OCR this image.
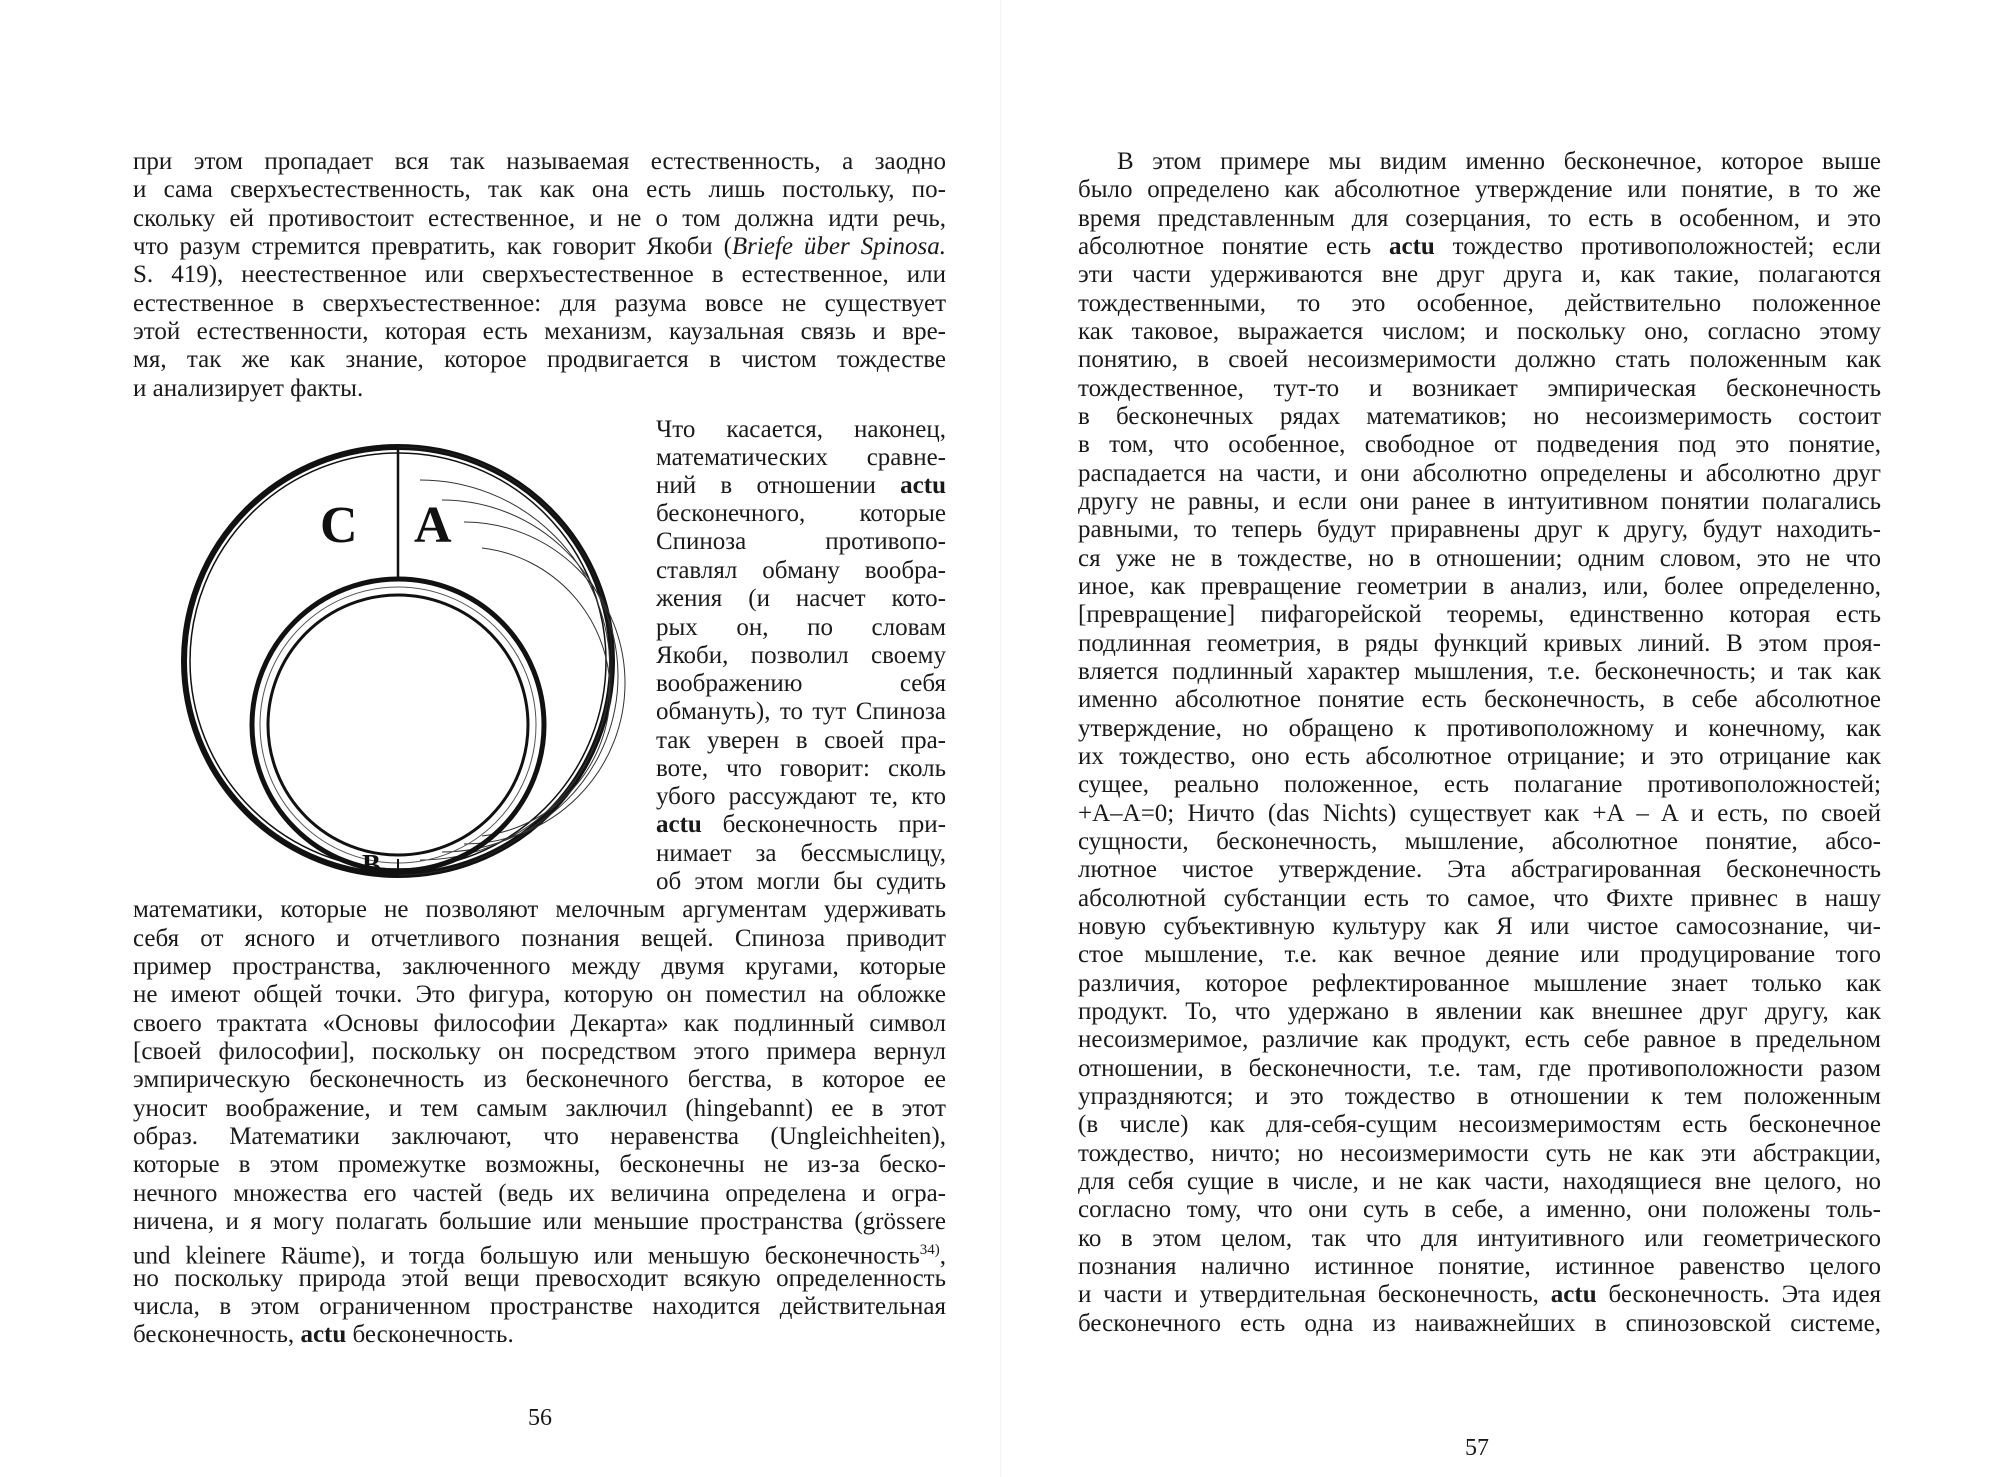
при этом пропадает вся так называемая естественность, а заодно
и сама сверхъестественность, так как она есть лишь постольку, по-
скольку ей противостоит естественное, и не о том должна идти речь,
что разум стремится превратить, как говорит Якоби (Briefe über Spinosa.
S. 419), неестественное или сверхъестественное в естественное, или
естественное в сверхъестественное: для разума вовсе не существует
этой естественности, которая есть механизм, каузальная связь и вре-
мя, так же как знание, которое продвигается в чистом тождестве
и анализирует факты.
C A
B
Что касается, наконец,
математических сравне-
ний в отношении actu
бесконечного, которые
Спиноза противопо-
ставлял обману вообра-
жения (и насчет кото-
рых он, по словам
Якоби, позволил своему
воображению себя
обмануть), то тут Спиноза
так уверен в своей пра-
воте, что говорит: сколь
убого рассуждают те, кто
actu бесконечность при-
нимает за бессмыслицу,
об этом могли бы судить
математики, которые не позволяют мелочным аргументам удерживать
себя от ясного и отчетливого познания вещей. Спиноза приводит
пример пространства, заключенного между двумя кругами, которые
не имеют общей точки. Это фигура, которую он поместил на обложке
своего трактата «Основы философии Декарта» как подлинный символ
[своей философии], поскольку он посредством этого примера вернул
эмпирическую бесконечность из бесконечного бегства, в которое ее
уносит воображение, и тем самым заключил (hingebannt) ее в этот
образ. Математики заключают, что неравенства (Ungleichheiten),
которые в этом промежутке возможны, бесконечны не из-за беско-
нечного множества его частей (ведь их величина определена и огра-
ничена, и я могу полагать большие или меньшие пространства (grössere
und kleinere Räume), и тогда большую или меньшую бесконечность$^{34)}$,
но поскольку природа этой вещи превосходит всякую определенность
числа, в этом ограниченном пространстве находится действительная
бесконечность, actu бесконечность.
56
В этом примере мы видим именно бесконечное, которое выше
было определено как абсолютное утверждение или понятие, в то же
время представленным для созерцания, то есть в особенном, и это
абсолютное понятие есть actu тождество противоположностей; если
эти части удерживаются вне друг друга и, как такие, полагаются
тождественными, то это особенное, действительно положенное
как таковое, выражается числом; и поскольку оно, согласно этому
понятию, в своей несоизмеримости должно стать положенным как
тождественное, тут-то и возникает эмпирическая бесконечность
в бесконечных рядах математиков; но несоизмеримость состоит
в том, что особенное, свободное от подведения под это понятие,
распадается на части, и они абсолютно определены и абсолютно друг
другу не равны, и если они ранее в интуитивном понятии полагались
равными, то теперь будут приравнены друг к другу, будут находить-
ся уже не в тождестве, но в отношении; одним словом, это не что
иное, как превращение геометрии в анализ, или, более определенно,
[превращение] пифагорейской теоремы, единственно которая есть
подлинная геометрия, в ряды функций кривых линий. В этом проя-
вляется подлинный характер мышления, т.е. бесконечность; и так как
именно абсолютное понятие есть бесконечность, в себе абсолютное
утверждение, но обращено к противоположному и конечному, как
их тождество, оно есть абсолютное отрицание; и это отрицание как
сущее, реально положенное, есть полагание противоположностей;
+A–A=0; Ничто (das Nichts) существует как +A – A и есть, по своей
сущности, бесконечность, мышление, абсолютное понятие, абсо-
лютное чистое утверждение. Эта абстрагированная бесконечность
абсолютной субстанции есть то самое, что Фихте привнес в нашу
новую субъективную культуру как Я или чистое самосознание, чи-
стое мышление, т.е. как вечное деяние или продуцирование того
различия, которое рефлектированное мышление знает только как
продукт. То, что удержано в явлении как внешнее друг другу, как
несоизмеримое, различие как продукт, есть себе равное в предельном
отношении, в бесконечности, т.е. там, где противоположности разом
упраздняются; и это тождество в отношении к тем положенным
(в числе) как для-себя-сущим несоизмеримостям есть бесконечное
тождество, ничто; но несоизмеримости суть не как эти абстракции,
для себя сущие в числе, и не как части, находящиеся вне целого, но
согласно тому, что они суть в себе, а именно, они положены толь-
ко в этом целом, так что для интуитивного или геометрического
познания налично истинное понятие, истинное равенство целого
и части и утвердительная бесконечность, actu бесконечность. Эта идея
бесконечного есть одна из наиважнейших в спинозовской системе,
57
